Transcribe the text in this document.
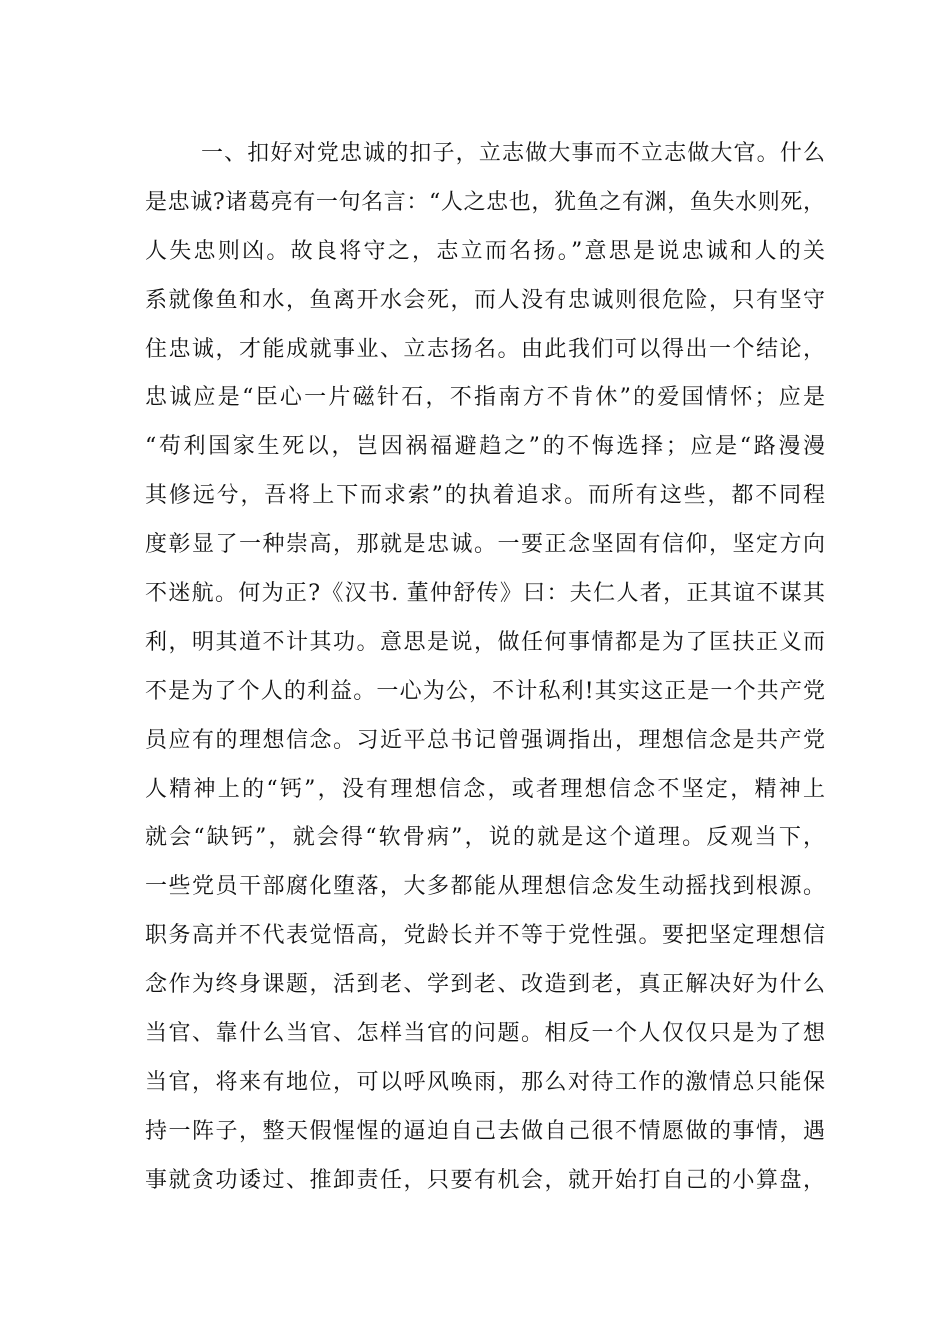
一、扣好对党忠诚的扣子，立志做大事而不立志做大官。什么
是忠诚?诸葛亮有一句名言：“人之忠也，犹鱼之有渊，鱼失水则死，
人失忠则凶。故良将守之，志立而名扬。”意思是说忠诚和人的关
系就像鱼和水，鱼离开水会死，而人没有忠诚则很危险，只有坚守
住忠诚，才能成就事业、立志扬名。由此我们可以得出一个结论，
忠诚应是“臣心一片磁针石，不指南方不肯休”的爱国情怀；应是
“苟利国家生死以，岂因祸福避趋之”的不悔选择；应是“路漫漫
其修远兮，吾将上下而求索”的执着追求。而所有这些，都不同程
度彰显了一种崇高，那就是忠诚。一要正念坚固有信仰，坚定方向
不迷航。何为正?《汉书. 董仲舒传》曰：夫仁人者，正其谊不谋其
利，明其道不计其功。意思是说，做任何事情都是为了匡扶正义而
不是为了个人的利益。一心为公，不计私利!其实这正是一个共产党
员应有的理想信念。习近平总书记曾强调指出，理想信念是共产党
人精神上的“钙”，没有理想信念，或者理想信念不坚定，精神上
就会“缺钙”，就会得“软骨病”，说的就是这个道理。反观当下，
一些党员干部腐化堕落，大多都能从理想信念发生动摇找到根源。
职务高并不代表觉悟高，党龄长并不等于党性强。要把坚定理想信
念作为终身课题，活到老、学到老、改造到老，真正解决好为什么
当官、靠什么当官、怎样当官的问题。相反一个人仅仅只是为了想
当官，将来有地位，可以呼风唤雨，那么对待工作的激情总只能保
持一阵子，整天假惺惺的逼迫自己去做自己很不情愿做的事情，遇
事就贪功诿过、推卸责任，只要有机会，就开始打自己的小算盘，
